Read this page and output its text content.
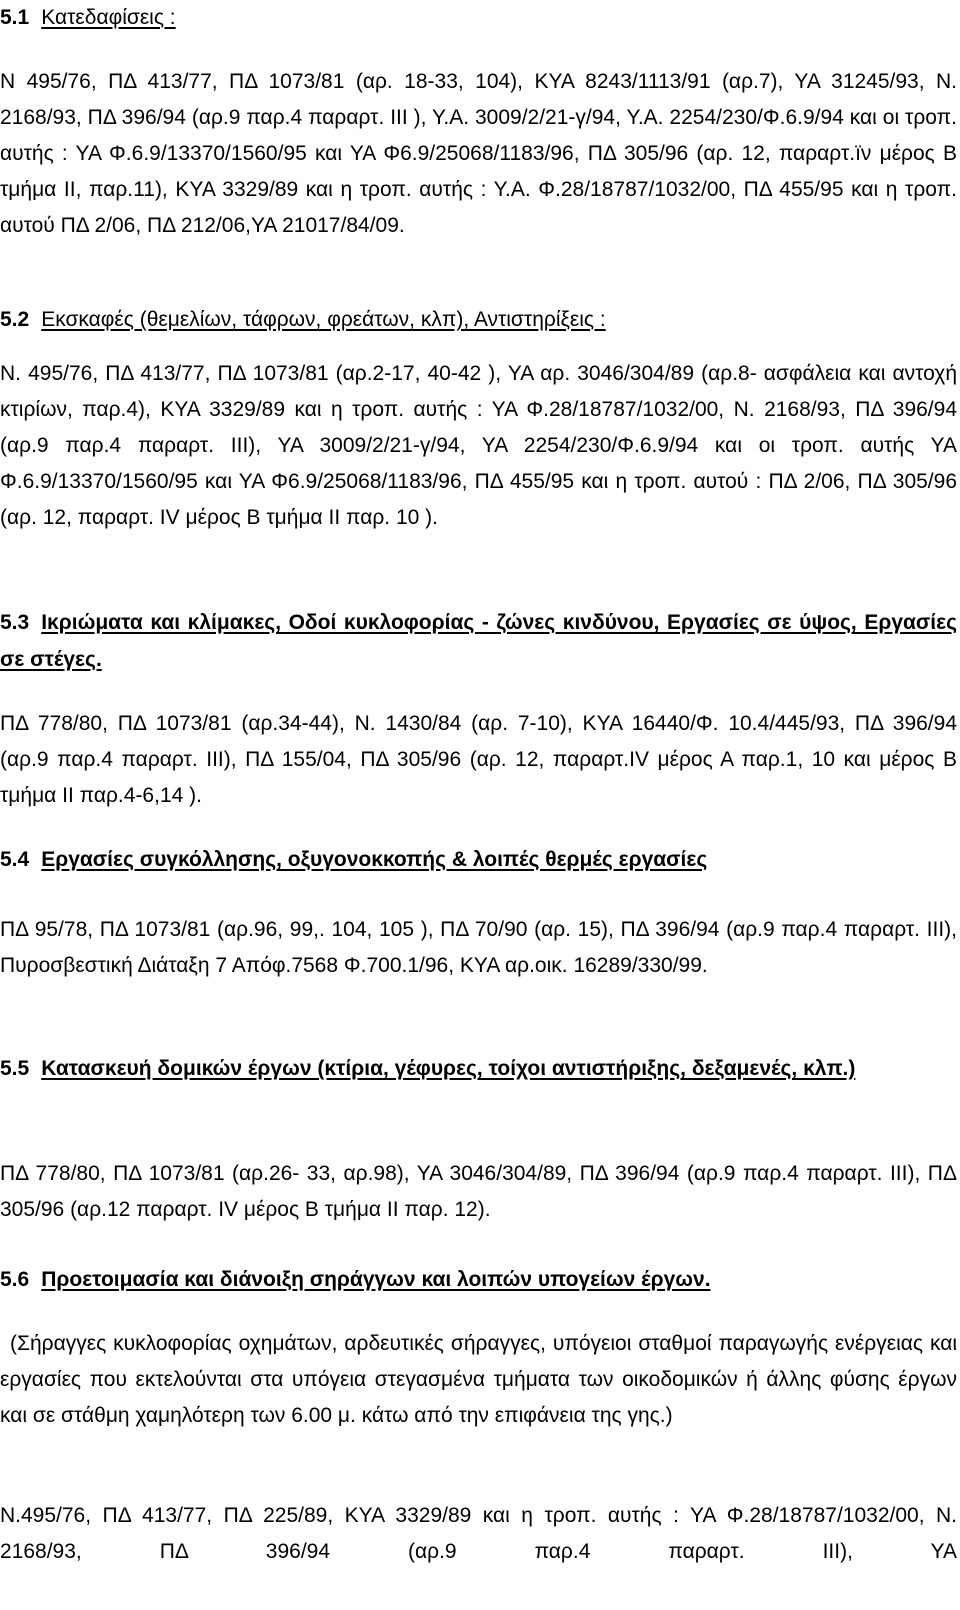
5.1 Κατεδαφίσεις :

Ν 495/76, ΠΔ 413/77, ΠΔ 1073/81 (αρ. 18-33, 104), ΚΥΑ 8243/1113/91 (αρ.7), ΥΑ 31245/93, Ν. 2168/93, ΠΔ 396/94 (αρ.9 παρ.4 παραρτ. ΙΙΙ ), Υ.Α. 3009/2/21-γ/94, Υ.Α. 2254/230/Φ.6.9/94 και οι τροπ. αυτής : ΥΑ Φ.6.9/13370/1560/95 και ΥΑ Φ6.9/25068/1183/96, ΠΔ 305/96 (αρ. 12, παραρτ.ïν μέρος Β τμήμα ΙΙ, παρ.11), ΚΥΑ 3329/89 και η τροπ. αυτής : Υ.Α. Φ.28/18787/1032/00, ΠΔ 455/95 και η τροπ. αυτού ΠΔ 2/06, ΠΔ 212/06,ΥΑ 21017/84/09.

5.2 Εκσκαφές (θεμελίων, τάφρων, φρεάτων, κλπ), Αντιστηρίξεις :

Ν. 495/76, ΠΔ 413/77, ΠΔ 1073/81 (αρ.2-17, 40-42 ), ΥΑ αρ. 3046/304/89 (αρ.8- ασφάλεια και αντοχή κτιρίων, παρ.4), ΚΥΑ 3329/89 και η τροπ. αυτής : ΥΑ Φ.28/18787/1032/00, Ν. 2168/93, ΠΔ 396/94 (αρ.9 παρ.4 παραρτ. ΙΙΙ), ΥΑ 3009/2/21-γ/94, ΥΑ 2254/230/Φ.6.9/94 και οι τροπ. αυτής ΥΑ Φ.6.9/13370/1560/95 και ΥΑ Φ6.9/25068/1183/96, ΠΔ 455/95 και η τροπ. αυτού : ΠΔ 2/06, ΠΔ 305/96 (αρ. 12, παραρτ. IV μέρος Β τμήμα ΙΙ παρ. 10 ).

5.3 Ικριώματα και κλίμακες, Οδοί κυκλοφορίας - ζώνες κινδύνου, Εργασίες σε ύψος, Εργασίες σε στέγες.

ΠΔ 778/80, ΠΔ 1073/81 (αρ.34-44), Ν. 1430/84 (αρ. 7-10), ΚΥΑ 16440/Φ. 10.4/445/93, ΠΔ 396/94 (αρ.9 παρ.4 παραρτ. ΙΙΙ), ΠΔ 155/04, ΠΔ 305/96 (αρ. 12, παραρτ.IV μέρος Α παρ.1, 10 και μέρος Β τμήμα II παρ.4-6,14 ).

5.4 Εργασίες συγκόλλησης, οξυγονοκκοπής & λοιπές θερμές εργασίες

ΠΔ 95/78, ΠΔ 1073/81 (αρ.96, 99,. 104, 105 ), ΠΔ 70/90 (αρ. 15), ΠΔ 396/94 (αρ.9 παρ.4 παραρτ. ΙΙΙ), Πυροσβεστική Διάταξη 7 Απόφ.7568 Φ.700.1/96, ΚΥΑ αρ.οικ. 16289/330/99.

5.5 Κατασκευή δομικών έργων (κτίρια, γέφυρες, τοίχοι αντιστήριξης, δεξαμενές, κλπ.)

ΠΔ 778/80, ΠΔ 1073/81 (αρ.26- 33, αρ.98), ΥΑ 3046/304/89, ΠΔ 396/94 (αρ.9 παρ.4 παραρτ. ΙΙΙ), ΠΔ 305/96 (αρ.12 παραρτ. IV μέρος Β τμήμα ΙΙ παρ. 12).

5.6 Προετοιμασία και διάνοιξη σηράγγων και λοιπών υπογείων έργων.

(Σήραγγες κυκλοφορίας οχημάτων, αρδευτικές σήραγγες, υπόγειοι σταθμοί παραγωγής ενέργειας και εργασίες που εκτελούνται στα υπόγεια στεγασμένα τμήματα των οικοδομικών ή άλλης φύσης έργων και σε στάθμη χαμηλότερη των 6.00 μ. κάτω από την επιφάνεια της γης.)

Ν.495/76, ΠΔ 413/77, ΠΔ 225/89, ΚΥΑ 3329/89 και η τροπ. αυτής : ΥΑ Φ.28/18787/1032/00, Ν. 2168/93, ΠΔ 396/94 (αρ.9 παρ.4 παραρτ. ΙΙΙ), ΥΑ
